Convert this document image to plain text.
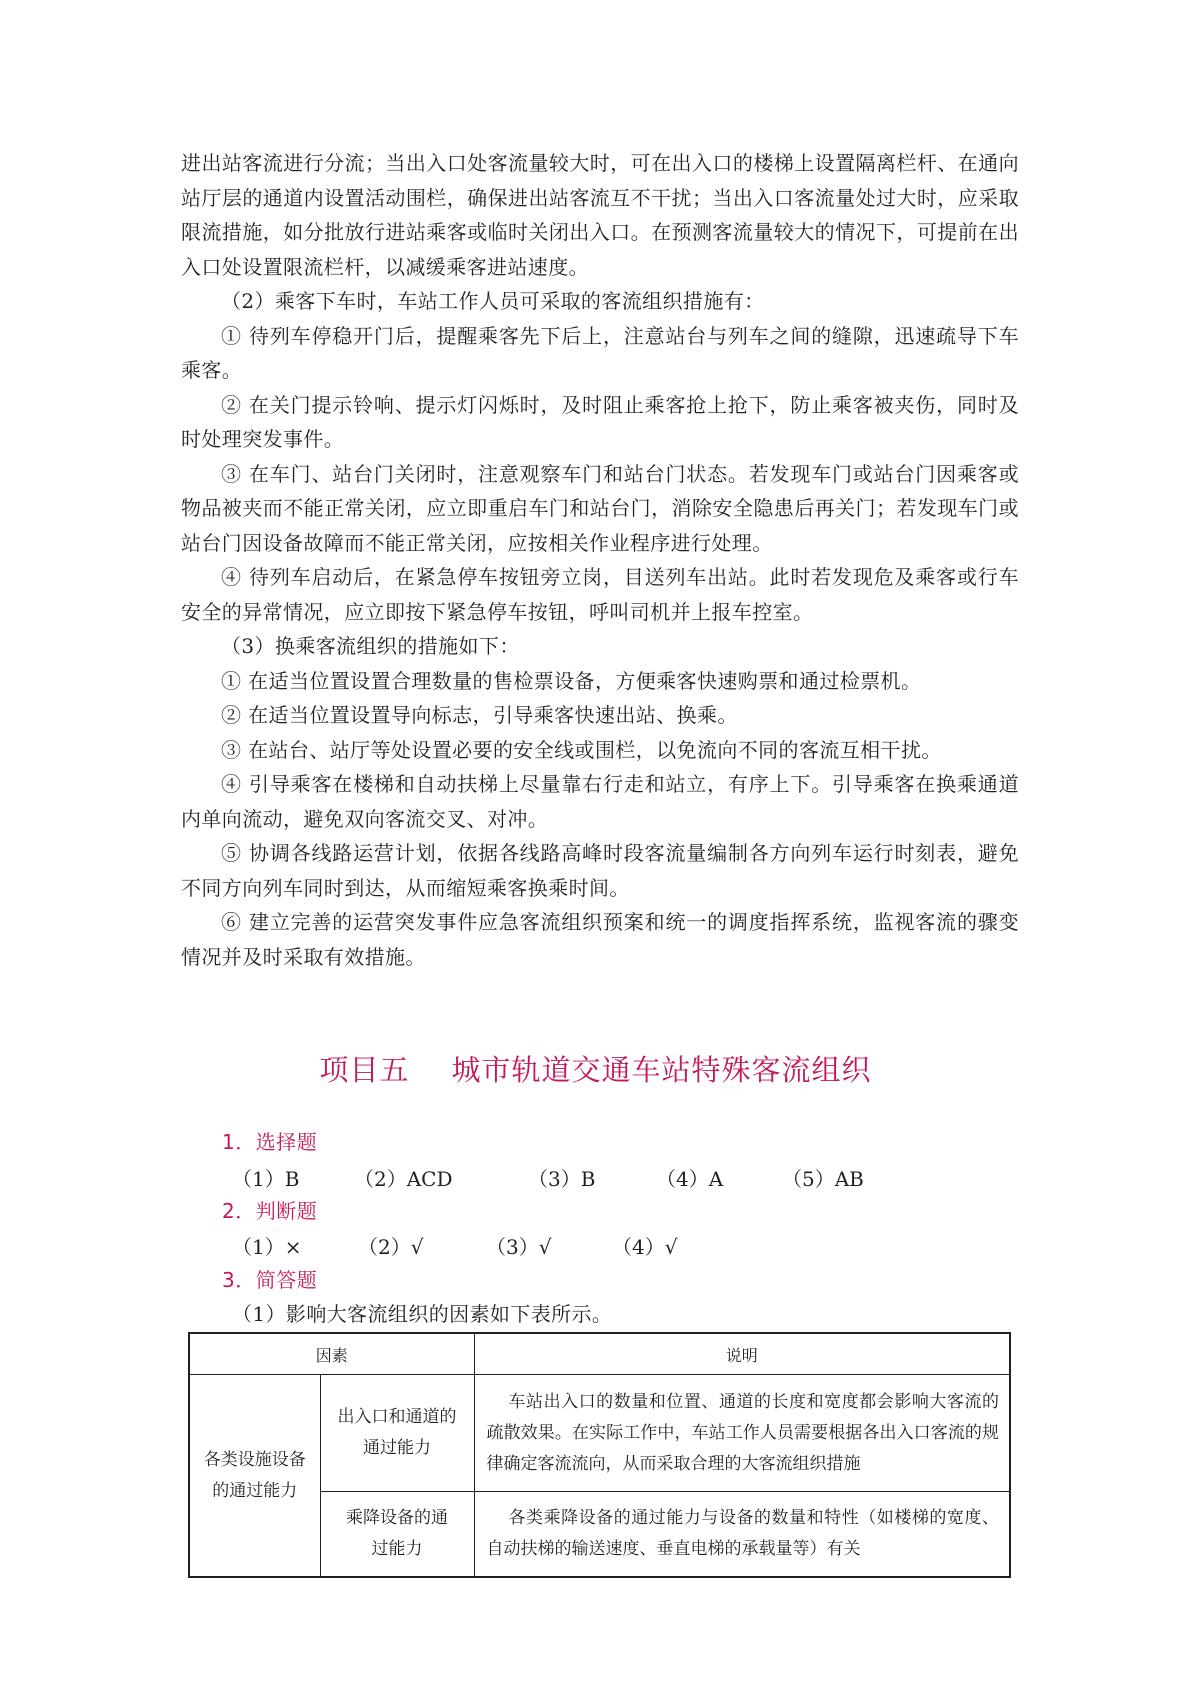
进出站客流进行分流；当出入口处客流量较大时，可在出入口的楼梯上设置隔离栏杆、在通向站厅层的通道内设置活动围栏，确保进出站客流互不干扰；当出入口客流量处过大时，应采取限流措施，如分批放行进站乘客或临时关闭出入口。在预测客流量较大的情况下，可提前在出入口处设置限流栏杆，以减缓乘客进站速度。

（2）乘客下车时，车站工作人员可采取的客流组织措施有：

① 待列车停稳开门后，提醒乘客先下后上，注意站台与列车之间的缝隙，迅速疏导下车乘客。

② 在关门提示铃响、提示灯闪烁时，及时阻止乘客抢上抢下，防止乘客被夹伤，同时及时处理突发事件。

③ 在车门、站台门关闭时，注意观察车门和站台门状态。若发现车门或站台门因乘客或物品被夹而不能正常关闭，应立即重启车门和站台门，消除安全隐患后再关门；若发现车门或站台门因设备故障而不能正常关闭，应按相关作业程序进行处理。

④ 待列车启动后，在紧急停车按钮旁立岗，目送列车出站。此时若发现危及乘客或行车安全的异常情况，应立即按下紧急停车按钮，呼叫司机并上报车控室。

（3）换乘客流组织的措施如下：

① 在适当位置设置合理数量的售检票设备，方便乘客快速购票和通过检票机。

② 在适当位置设置导向标志，引导乘客快速出站、换乘。

③ 在站台、站厅等处设置必要的安全线或围栏，以免流向不同的客流互相干扰。

④ 引导乘客在楼梯和自动扶梯上尽量靠右行走和站立，有序上下。引导乘客在换乘通道内单向流动，避免双向客流交叉、对冲。

⑤ 协调各线路运营计划，依据各线路高峰时段客流量编制各方向列车运行时刻表，避免不同方向列车同时到达，从而缩短乘客换乘时间。

⑥ 建立完善的运营突发事件应急客流组织预案和统一的调度指挥系统，监视客流的骤变情况并及时采取有效措施。

项目五 城市轨道交通车站特殊客流组织
1．选择题
（1）B	（2）ACD	（3）B	（4）A	（5）AB
2．判断题
（1）×	（2）√	（3）√	（4）√
3．简答题
（1）影响大客流组织的因素如下表所示。
因素		说明
各类设施设备的通过能力	出入口和通道的通过能力	车站出入口的数量和位置、通道的长度和宽度都会影响大客流的疏散效果。在实际工作中，车站工作人员需要根据各出入口客流的规律确定客流流向，从而采取合理的大客流组织措施
	乘降设备的通过能力	各类乘降设备的通过能力与设备的数量和特性（如楼梯的宽度、自动扶梯的输送速度、垂直电梯的承载量等）有关
